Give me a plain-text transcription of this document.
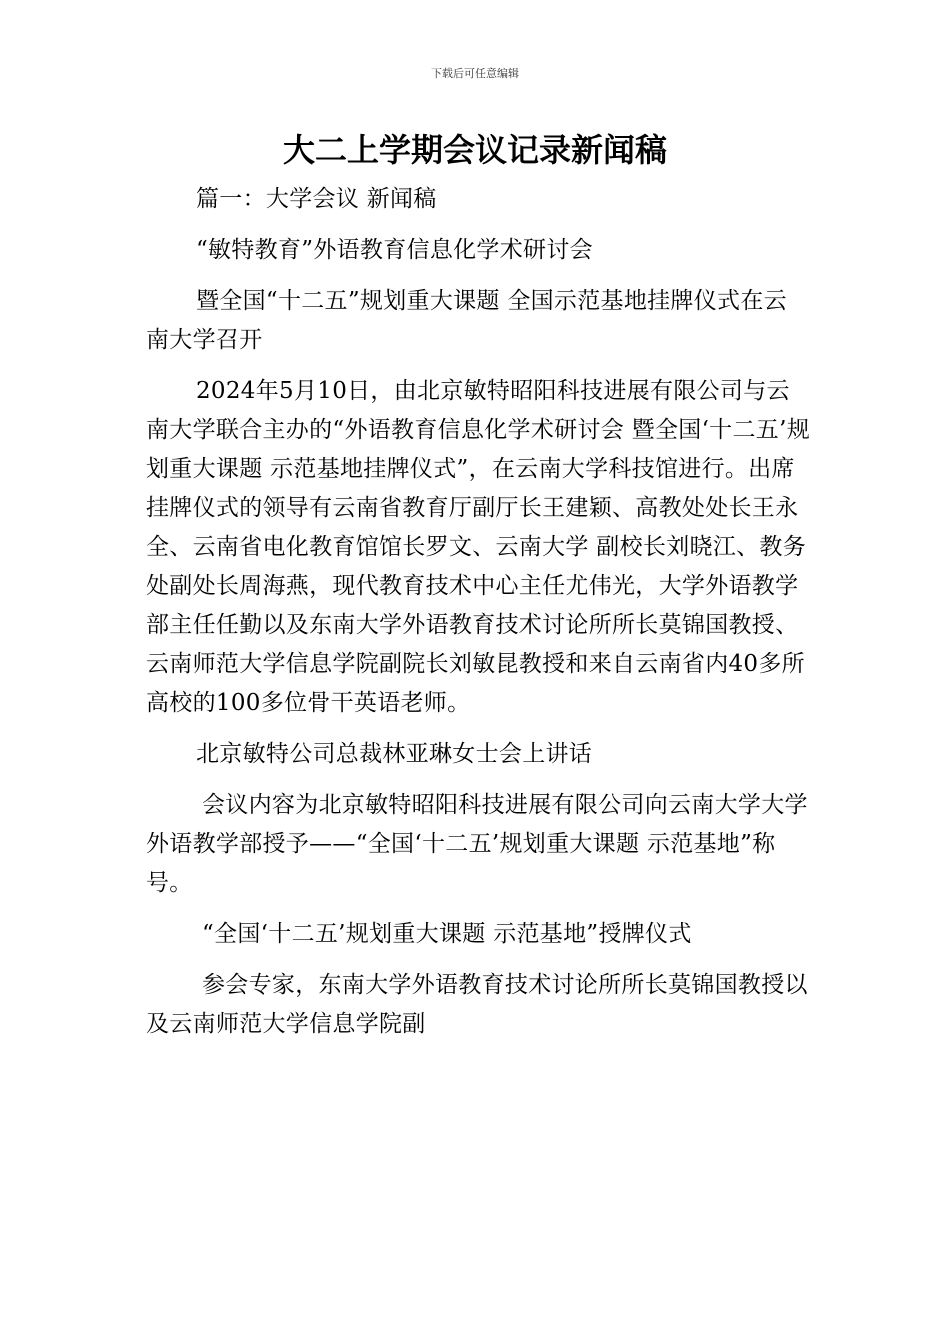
下载后可任意编辑
大二上学期会议记录新闻稿

篇一：大学会议 新闻稿

“敏特教育”外语教育信息化学术研讨会

暨全国“十二五”规划重大课题 全国示范基地挂牌仪式在云南大学召开

2024年5月10日，由北京敏特昭阳科技进展有限公司与云南大学联合主办的“外语教育信息化学术研讨会 暨全国‘十二五’规划重大课题 示范基地挂牌仪式”，在云南大学科技馆进行。出席挂牌仪式的领导有云南省教育厅副厅长王建颖、高教处处长王永全、云南省电化教育馆馆长罗文、云南大学 副校长刘晓江、教务处副处长周海燕，现代教育技术中心主任尤伟光，大学外语教学部主任任勤以及东南大学外语教育技术讨论所所长莫锦国教授、云南师范大学信息学院副院长刘敏昆教授和来自云南省内40多所高校的100多位骨干英语老师。

北京敏特公司总裁林亚琳女士会上讲话

会议内容为北京敏特昭阳科技进展有限公司向云南大学大学外语教学部授予——“全国‘十二五’规划重大课题 示范基地”称号。

“全国‘十二五’规划重大课题 示范基地”授牌仪式

参会专家，东南大学外语教育技术讨论所所长莫锦国教授以及云南师范大学信息学院副
